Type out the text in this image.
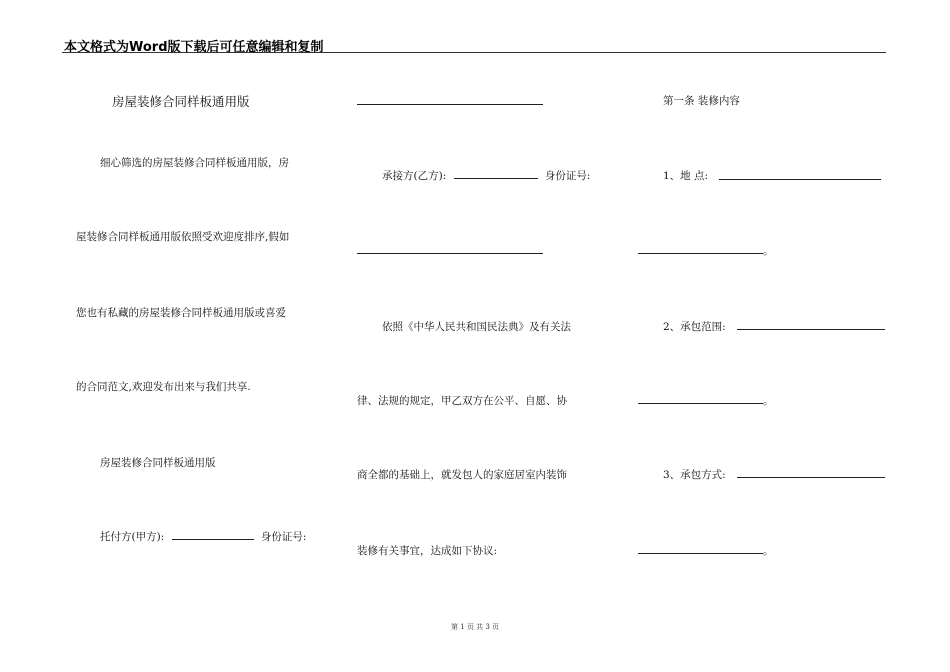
本文格式为Word版下载后可任意编辑和复制
房屋装修合同样板通用版
细心筛选的房屋装修合同样板通用版，房
屋装修合同样板通用版依照受欢迎度排序,假如
您也有私藏的房屋装修合同样板通用版或喜爱
的合同范文,欢迎发布出来与我们共享.
房屋装修合同样板通用版
托付方(甲方):	身份证号:
承接方(乙方):	身份证号:
依照《中华人民共和国民法典》及有关法
律、法规的规定，甲乙双方在公平、自愿、协
商全都的基础上，就发包人的家庭居室内装饰
装修有关事宜，达成如下协议:
第一条 装修内容
1、地 点:
。
2、承包范围:
。
3、承包方式:
。
第 1 页 共 3 页
